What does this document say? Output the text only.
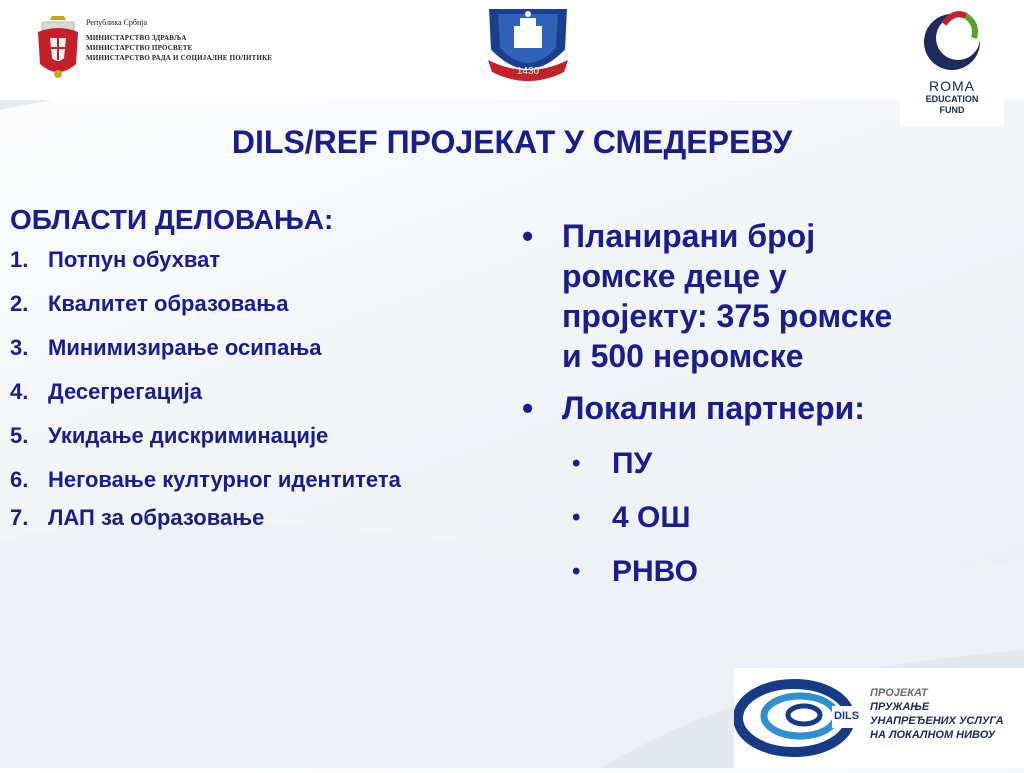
Република Србија
МИНИСТАРСТВО ЗДРАВЉА
МИНИСТАРСТВО ПРОСВЕТЕ
МИНИСТАРСТВО РАДА И СОЦИЈАЛНЕ ПОЛИТИКЕ
1430
ROMA
EDUCATION
FUND
DILS/REF ПРОЈЕКАТ У СМЕДЕРЕВУ
ОБЛАСТИ ДЕЛОВАЊА:
1. Потпун обухват
2. Квалитет образовања
3. Минимизирање осипања
4. Десегрегација
5. Укидање дискриминације
6. Неговање културног идентитета
7. ЛАП за образовање
• Планирани број ромске деце у пројекту: 375 ромске и 500 нeромске
• Локални партнери:
•	ПУ
•	4 ОШ
•	РНВО
DILS
ПРОЈЕКАТ
ПРУЖАЊЕ
УНАПРЕЂЕНИХ УСЛУГА
НА ЛОКАЛНОМ НИВОУ
